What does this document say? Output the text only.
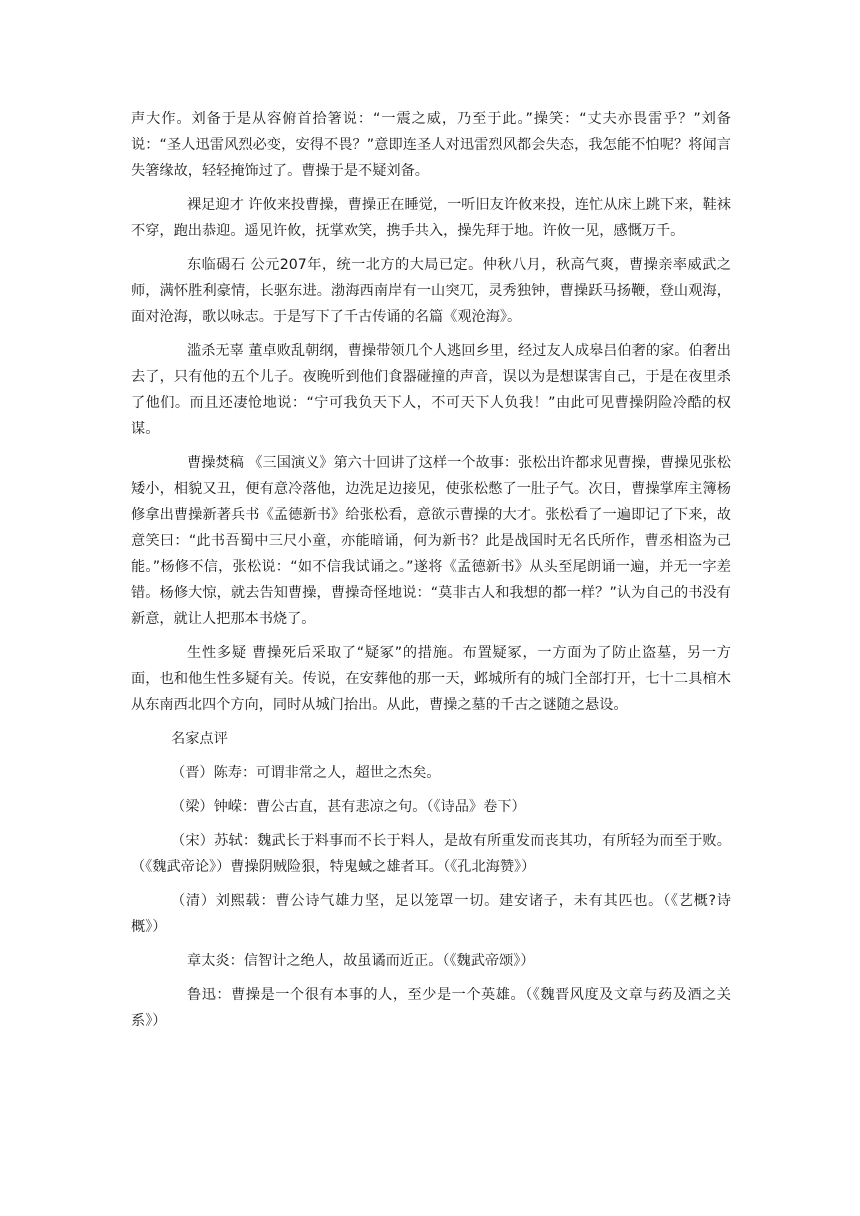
声大作。刘备于是从容俯首拾箸说：“一震之威，乃至于此。”操笑：“丈夫亦畏雷乎？”刘备说：“圣人迅雷风烈必变，安得不畏？”意即连圣人对迅雷烈风都会失态，我怎能不怕呢？将闻言失箸缘故，轻轻掩饰过了。曹操于是不疑刘备。

裸足迎才 许攸来投曹操，曹操正在睡觉，一听旧友许攸来投，连忙从床上跳下来，鞋袜不穿，跑出恭迎。遥见许攸，抚掌欢笑，携手共入，操先拜于地。许攸一见，感慨万千。

东临碣石 公元207年，统一北方的大局已定。仲秋八月，秋高气爽，曹操亲率威武之师，满怀胜利豪情，长驱东进。渤海西南岸有一山突兀，灵秀独钟，曹操跃马扬鞭，登山观海，面对沧海，歌以咏志。于是写下了千古传诵的名篇《观沧海》。

滥杀无辜 董卓败乱朝纲，曹操带领几个人逃回乡里，经过友人成皋吕伯奢的家。伯奢出去了，只有他的五个儿子。夜晚听到他们食器碰撞的声音，误以为是想谋害自己，于是在夜里杀了他们。而且还凄怆地说：“宁可我负天下人，不可天下人负我！”由此可见曹操阴险冷酷的权谋。

曹操焚稿 《三国演义》第六十回讲了这样一个故事：张松出许都求见曹操，曹操见张松矮小，相貌又丑，便有意冷落他，边洗足边接见，使张松憋了一肚子气。次日，曹操掌库主簿杨修拿出曹操新著兵书《孟德新书》给张松看，意欲示曹操的大才。张松看了一遍即记了下来，故意笑曰：“此书吾蜀中三尺小童，亦能暗诵，何为新书？此是战国时无名氏所作，曹丞相盗为己能。”杨修不信，张松说：“如不信我试诵之。”遂将《孟德新书》从头至尾朗诵一遍，并无一字差错。杨修大惊，就去告知曹操，曹操奇怪地说：“莫非古人和我想的都一样？”认为自己的书没有新意，就让人把那本书烧了。

生性多疑 曹操死后采取了“疑冢”的措施。布置疑冢，一方面为了防止盗墓，另一方面，也和他生性多疑有关。传说，在安葬他的那一天，邺城所有的城门全部打开，七十二具棺木从东南西北四个方向，同时从城门抬出。从此，曹操之墓的千古之谜随之悬设。

名家点评

（晋）陈寿：可谓非常之人，超世之杰矣。

（梁）钟嵘：曹公古直，甚有悲凉之句。（《诗品》卷下）

（宋）苏轼：魏武长于料事而不长于料人，是故有所重发而丧其功，有所轻为而至于败。（《魏武帝论》）曹操阴贼险狠，特鬼蜮之雄者耳。（《孔北海赞》）

（清）刘熙载：曹公诗气雄力坚，足以笼罩一切。建安诸子，未有其匹也。（《艺概?诗概》）

章太炎：信智计之绝人，故虽谲而近正。（《魏武帝颂》）

鲁迅：曹操是一个很有本事的人，至少是一个英雄。（《魏晋风度及文章与药及酒之关系》）
